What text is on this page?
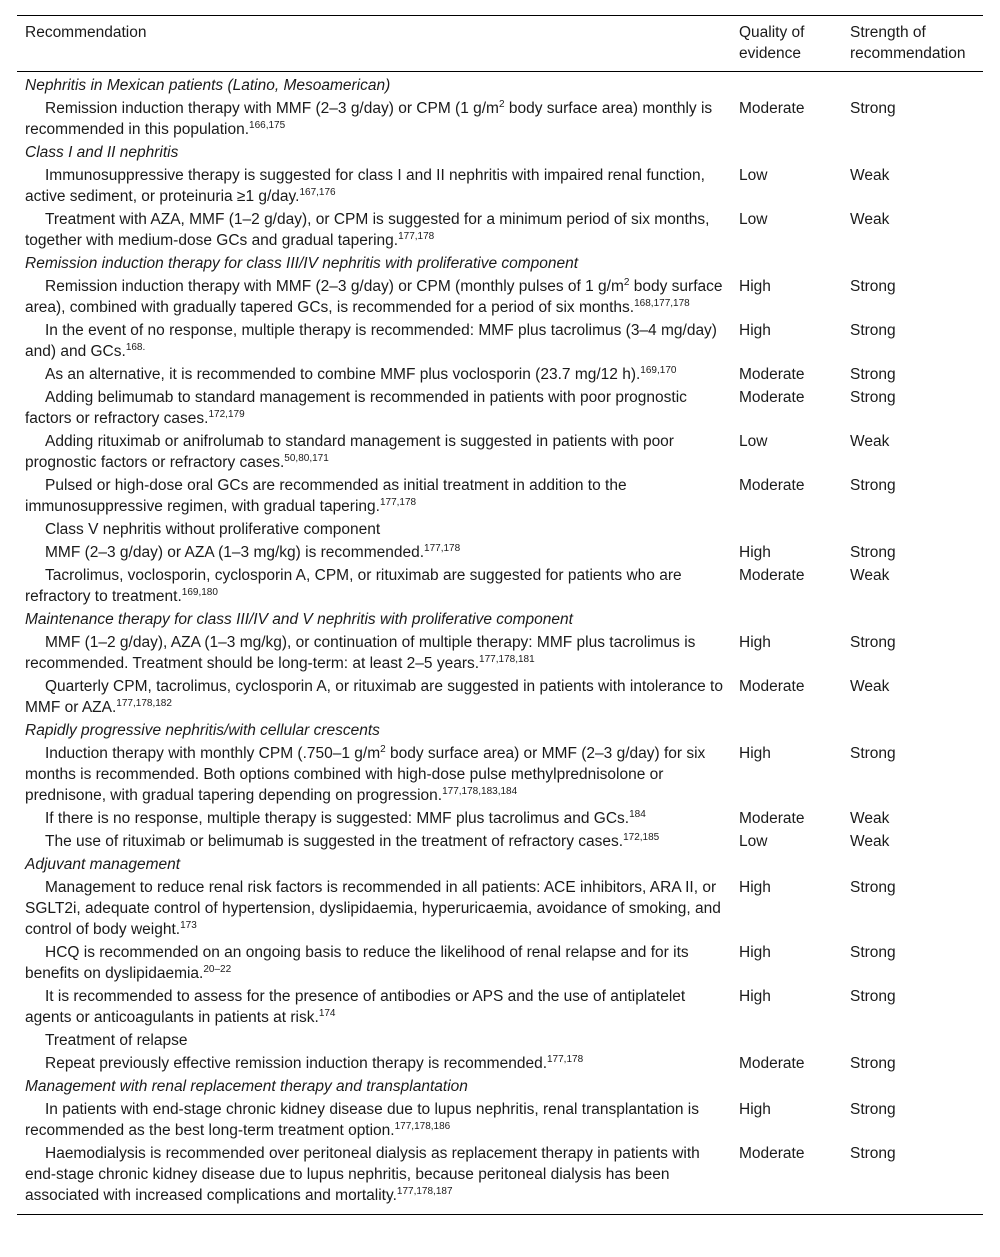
Recommendation	Quality of evidence	Strength of recommendation
Nephritis in Mexican patients (Latino, Mesoamerican)		
Remission induction therapy with MMF (2–3 g/day) or CPM (1 $g/m^2$ body surface area) monthly is recommended in this population.$^{166,175}$	Moderate	Strong
Class I and II nephritis		
Immunosuppressive therapy is suggested for class I and II nephritis with impaired renal function, active sediment, or proteinuria ≥1 g/day.$^{167,176}$	Low	Weak
Treatment with AZA, MMF (1–2 g/day), or CPM is suggested for a minimum period of six months, together with medium-dose GCs and gradual tapering.$^{177,178}$	Low	Weak
Remission induction therapy for class III/IV nephritis with proliferative component		
Remission induction therapy with MMF (2–3 g/day) or CPM (monthly pulses of 1 $g/m^2$ body surface area), combined with gradually tapered GCs, is recommended for a period of six months.$^{168,177,178}$	High	Strong
In the event of no response, multiple therapy is recommended: MMF plus tacrolimus (3–4 mg/day) and) and GCs.$^{168.}$	High	Strong
As an alternative, it is recommended to combine MMF plus voclosporin (23.7 mg/12 h).$^{169,170}$	Moderate	Strong
Adding belimumab to standard management is recommended in patients with poor prognostic factors or refractory cases.$^{172,179}$	Moderate	Strong
Adding rituximab or anifrolumab to standard management is suggested in patients with poor prognostic factors or refractory cases.$^{50,80,171}$	Low	Weak
Pulsed or high-dose oral GCs are recommended as initial treatment in addition to the immunosuppressive regimen, with gradual tapering.$^{177,178}$	Moderate	Strong
Class V nephritis without proliferative component		
MMF (2–3 g/day) or AZA (1–3 mg/kg) is recommended.$^{177,178}$	High	Strong
Tacrolimus, voclosporin, cyclosporin A, CPM, or rituximab are suggested for patients who are refractory to treatment.$^{169,180}$	Moderate	Weak
Maintenance therapy for class III/IV and V nephritis with proliferative component		
MMF (1–2 g/day), AZA (1–3 mg/kg), or continuation of multiple therapy: MMF plus tacrolimus is recommended. Treatment should be long-term: at least 2–5 years.$^{177,178,181}$	High	Strong
Quarterly CPM, tacrolimus, cyclosporin A, or rituximab are suggested in patients with intolerance to MMF or AZA.$^{177,178,182}$	Moderate	Weak
Rapidly progressive nephritis/with cellular crescents		
Induction therapy with monthly CPM (.750–1 $g/m^2$ body surface area) or MMF (2–3 g/day) for six months is recommended. Both options combined with high-dose pulse methylprednisolone or prednisone, with gradual tapering depending on progression.$^{177,178,183,184}$	High	Strong
If there is no response, multiple therapy is suggested: MMF plus tacrolimus and GCs.$^{184}$	Moderate	Weak
The use of rituximab or belimumab is suggested in the treatment of refractory cases.$^{172,185}$	Low	Weak
Adjuvant management		
Management to reduce renal risk factors is recommended in all patients: ACE inhibitors, ARA II, or SGLT2i, adequate control of hypertension, dyslipidaemia, hyperuricaemia, avoidance of smoking, and control of body weight.$^{173}$	High	Strong
HCQ is recommended on an ongoing basis to reduce the likelihood of renal relapse and for its benefits on dyslipidaemia.$^{20-22}$	High	Strong
It is recommended to assess for the presence of antibodies or APS and the use of antiplatelet agents or anticoagulants in patients at risk.$^{174}$	High	Strong
Treatment of relapse		
Repeat previously effective remission induction therapy is recommended.$^{177,178}$	Moderate	Strong
Management with renal replacement therapy and transplantation		
In patients with end-stage chronic kidney disease due to lupus nephritis, renal transplantation is recommended as the best long-term treatment option.$^{177,178,186}$	High	Strong
Haemodialysis is recommended over peritoneal dialysis as replacement therapy in patients with end-stage chronic kidney disease due to lupus nephritis, because peritoneal dialysis has been associated with increased complications and mortality.$^{177,178,187}$	Moderate	Strong
